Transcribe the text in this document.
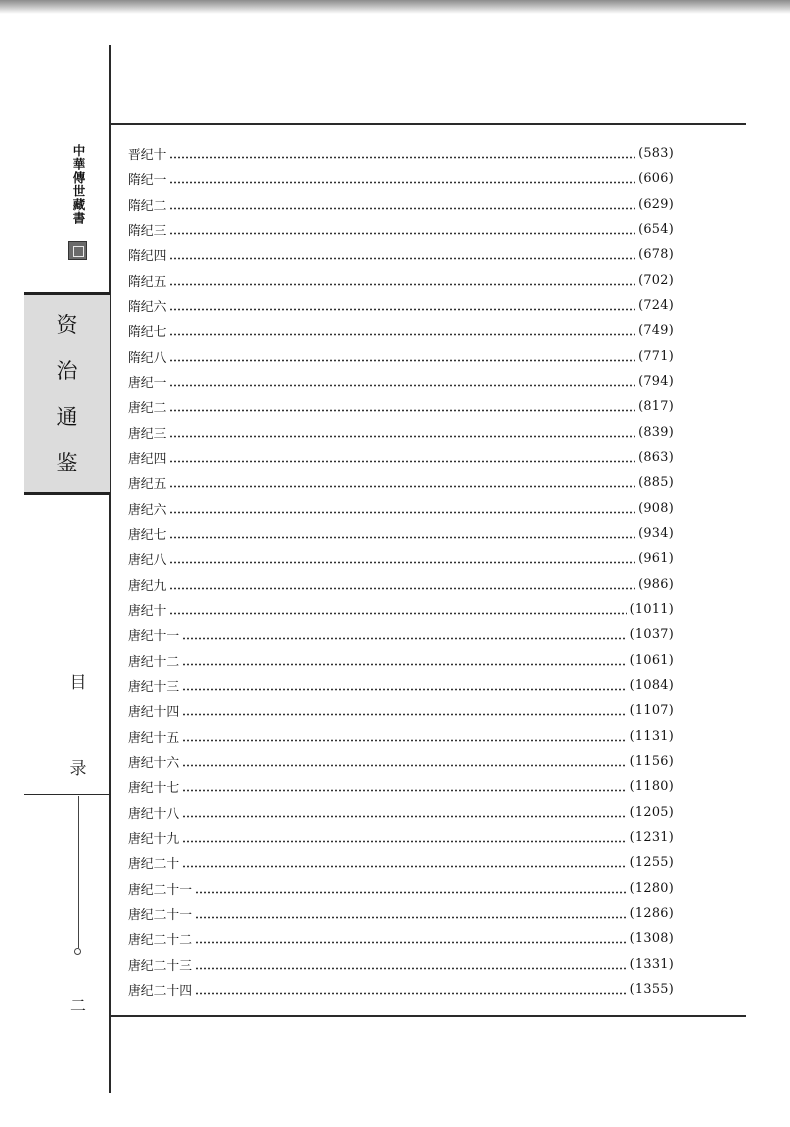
中華傳世藏書
资
治
通
鉴
目
录
二
晋纪十	(583)
隋纪一	(606)
隋纪二	(629)
隋纪三	(654)
隋纪四	(678)
隋纪五	(702)
隋纪六	(724)
隋纪七	(749)
隋纪八	(771)
唐纪一	(794)
唐纪二	(817)
唐纪三	(839)
唐纪四	(863)
唐纪五	(885)
唐纪六	(908)
唐纪七	(934)
唐纪八	(961)
唐纪九	(986)
唐纪十	(1011)
唐纪十一	(1037)
唐纪十二	(1061)
唐纪十三	(1084)
唐纪十四	(1107)
唐纪十五	(1131)
唐纪十六	(1156)
唐纪十七	(1180)
唐纪十八	(1205)
唐纪十九	(1231)
唐纪二十	(1255)
唐纪二十一	(1280)
唐纪二十一	(1286)
唐纪二十二	(1308)
唐纪二十三	(1331)
唐纪二十四	(1355)
